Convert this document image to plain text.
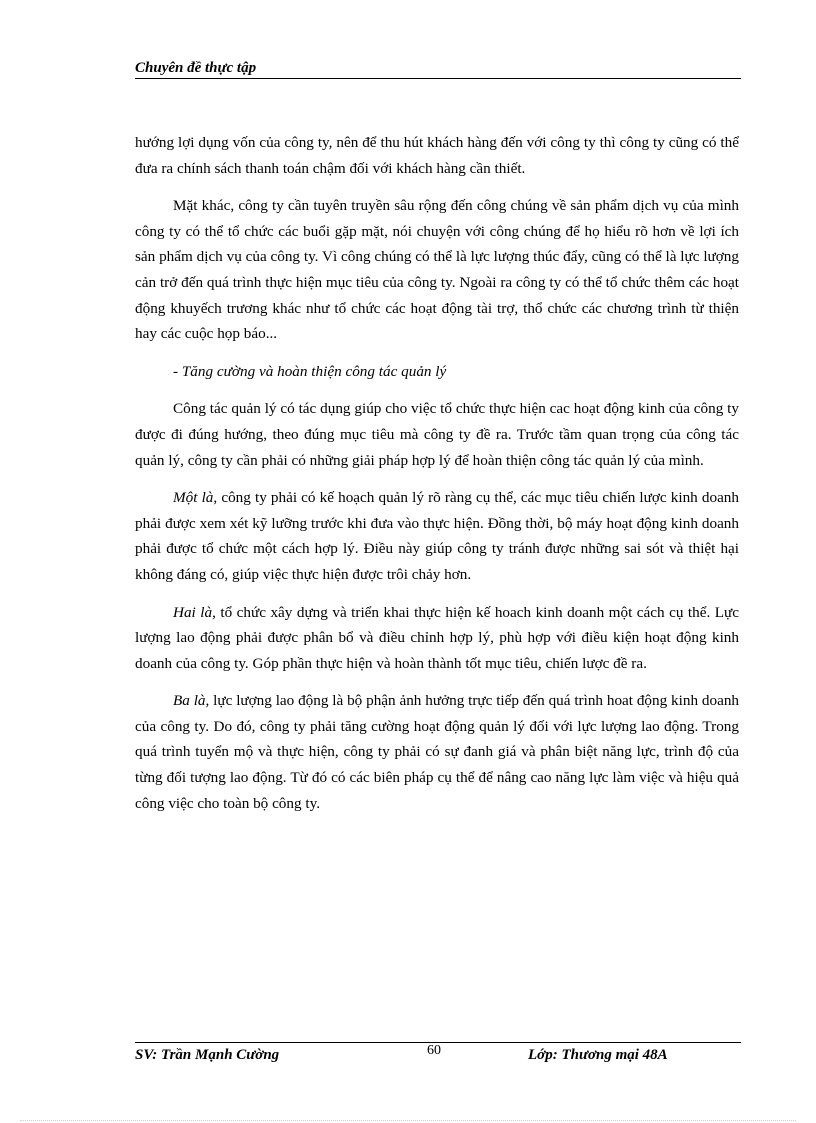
Chuyên đề thực tập

hướng lợi dụng vốn của công ty, nên để thu hút khách hàng đến với công ty thì công ty cũng có thể đưa ra chính sách thanh toán chậm đối với khách hàng cần thiết.

Mặt khác, công ty cần tuyên truyền sâu rộng đến công chúng về sản phẩm dịch vụ của mình công ty có thể tổ chức các buổi gặp mặt, nói chuyện với công chúng để họ hiểu rõ hơn về lợi ích sản phẩm dịch vụ của công ty. Vì công chúng có thể là lực lượng thúc đẩy, cũng có thể là lực lượng cản trở đến quá trình thực hiện mục tiêu của công ty. Ngoài ra công ty có thể tổ chức thêm các hoạt động khuyếch trương khác như tổ chức các hoạt động tài trợ, thổ chức các chương trình từ thiện hay các cuộc họp báo...

- Tăng cường và hoàn thiện công tác quản lý

Công tác quản lý có tác dụng giúp cho việc tổ chức thực hiện cac hoạt động kinh của công ty được đi đúng hướng, theo đúng mục tiêu mà công ty đề ra. Trước tầm quan trọng của công tác quản lý, công ty cần phải có những giải pháp hợp lý để hoàn thiện công tác quản lý của mình.

Một là, công ty phải có kế hoạch quản lý rõ ràng cụ thể, các mục tiêu chiến lược kinh doanh phải được xem xét kỹ lưỡng trước khi đưa vào thực hiện. Đồng thời, bộ máy hoạt động kinh doanh phải được tổ chức một cách hợp lý. Điều này giúp công ty tránh được những sai sót và thiệt hại không đáng có, giúp việc thực hiện được trôi chảy hơn.

Hai là, tổ chức xây dựng và triển khai thực hiện kế hoach kinh doanh một cách cụ thể. Lực lượng lao động phải được phân bổ và điều chỉnh hợp lý, phù hợp với điều kiện hoạt động kinh doanh của công ty. Góp phần thực hiện và hoàn thành tốt mục tiêu, chiến lược đề ra.

Ba là, lực lượng lao động là bộ phận ảnh hưởng trực tiếp đến quá trình hoat động kinh doanh của công ty. Do đó, công ty phải tăng cường hoạt động quản lý đối với lực lượng lao động. Trong quá trình tuyển mộ và thực hiện, công ty phải có sự đanh giá và phân biệt năng lực, trình độ của từng đối tượng lao động. Từ đó có các biên pháp cụ thể để nâng cao năng lực làm việc và hiệu quả công việc cho toàn bộ công ty.

SV: Trần Mạnh Cường	60	Lớp: Thương mại 48A
